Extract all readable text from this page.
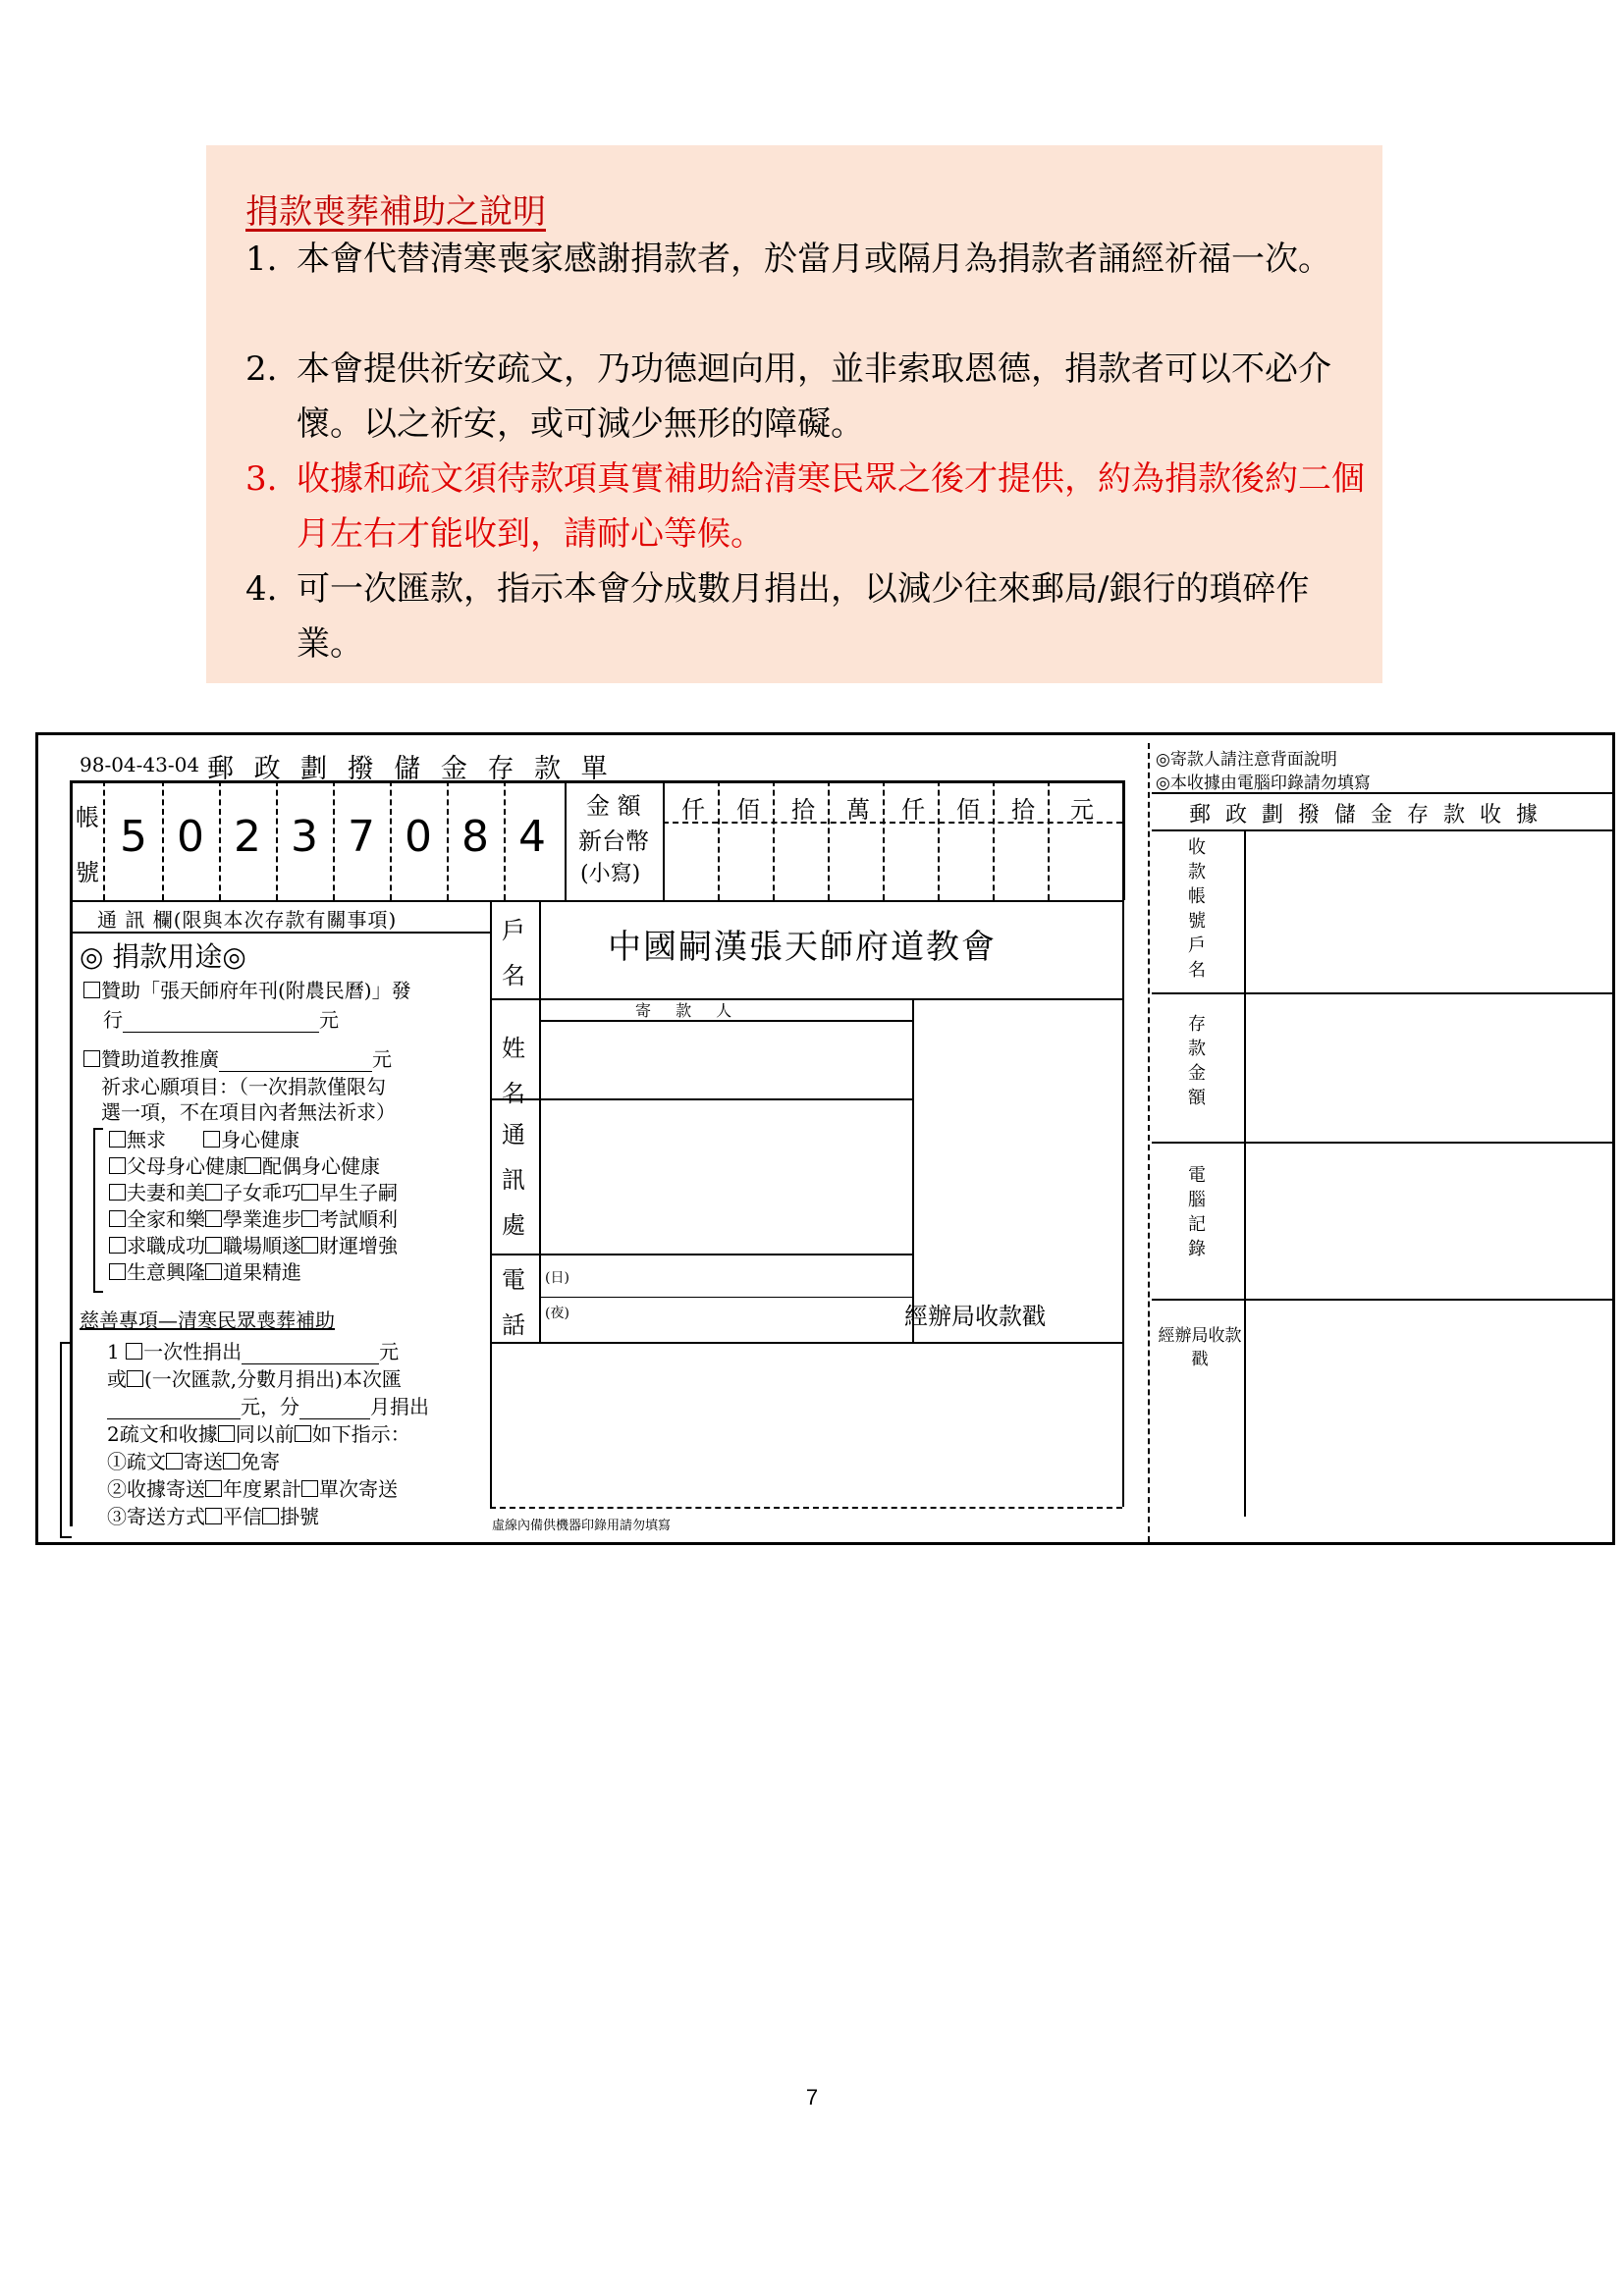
捐款喪葬補助之說明
1. 本會代替清寒喪家感謝捐款者，於當月或隔月為捐款者誦經祈福一次。
2. 本會提供祈安疏文，乃功德迴向用，並非索取恩德，捐款者可以不必介懷。以之祈安，或可減少無形的障礙。
3. 收據和疏文須待款項真實補助給清寒民眾之後才提供，約為捐款後約二個月左右才能收到，請耐心等候。
4. 可一次匯款，指示本會分成數月捐出，以減少往來郵局/銀行的瑣碎作業。
98-04-43-04 郵 政 劃 撥 儲 金 存 款 單
帳號
5 0 2 3 7 0 8 4
金 額
新台幣
(小寫)
仟	佰	拾	萬	仟	佰	拾	元
通 訊 欄(限與本次存款有關事項)
◎ 捐款用途◎
贊助「張天師府年刊(附農民曆)」發
行	元
贊助道教推廣	元
祈求心願項目：（一次捐款僅限勾
選一項，不在項目內者無法祈求）
無求	身心健康
父母身心健康 配偶身心健康
夫妻和美 子女乖巧 早生子嗣
全家和樂 學業進步 考試順利
求職成功 職場順遂 財運增強
生意興隆 道果精進
慈善專項—清寒民眾喪葬補助
1 一次性捐出	元
或 (一次匯款,分數月捐出)本次匯
元，分	月捐出
2疏文和收據 同以前 如下指示：
①疏文 寄送 免寄
②收據寄送 年度累計 單次寄送
③寄送方式 平信 掛號
戶名
中國嗣漢張天師府道教會
寄 款 人
姓名
通訊處
電話
(日)
(夜)	經辦局收款戳
虛線內備供機器印錄用請勿填寫
◎寄款人請注意背面說明
◎本收據由電腦印錄請勿填寫
郵 政 劃 撥 儲 金 存 款 收 據
收款帳號戶名
存款金額
電腦記錄
經辦局收款戳
7
